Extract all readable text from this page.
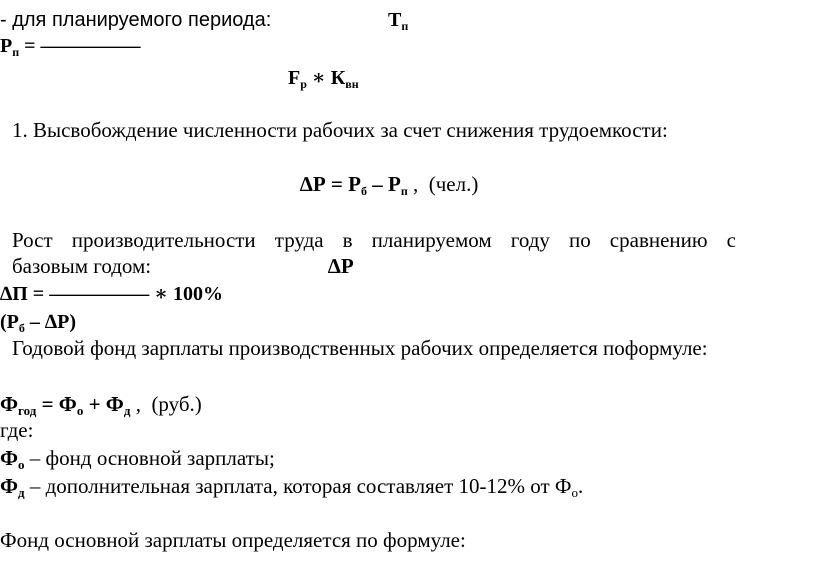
- для планируемого периода:	$Т_п$
$Р_п$ = —————
$F_р$ ∗ $К_{вн}$
1. Высвобождение численности рабочих за счет снижения трудоемкости:
$\Delta Р = Р_б - Р_п$ , (чел.)
Рост производительности труда в планируемом году по сравнению с
базовым годом:	∆Р
∆П = ————— ∗ 100%
$(Р_б - \Delta Р)$
Годовой фонд зарплаты производственных рабочих определяется поформуле:
$Ф_{год} = Ф_о + Ф_д$ , (руб.)
где:
$Ф_о$ – фонд основной зарплаты;
$Ф_д$ – дополнительная зарплата, которая составляет 10-12% от $Ф_о$.
Фонд основной зарплаты определяется по формуле:
